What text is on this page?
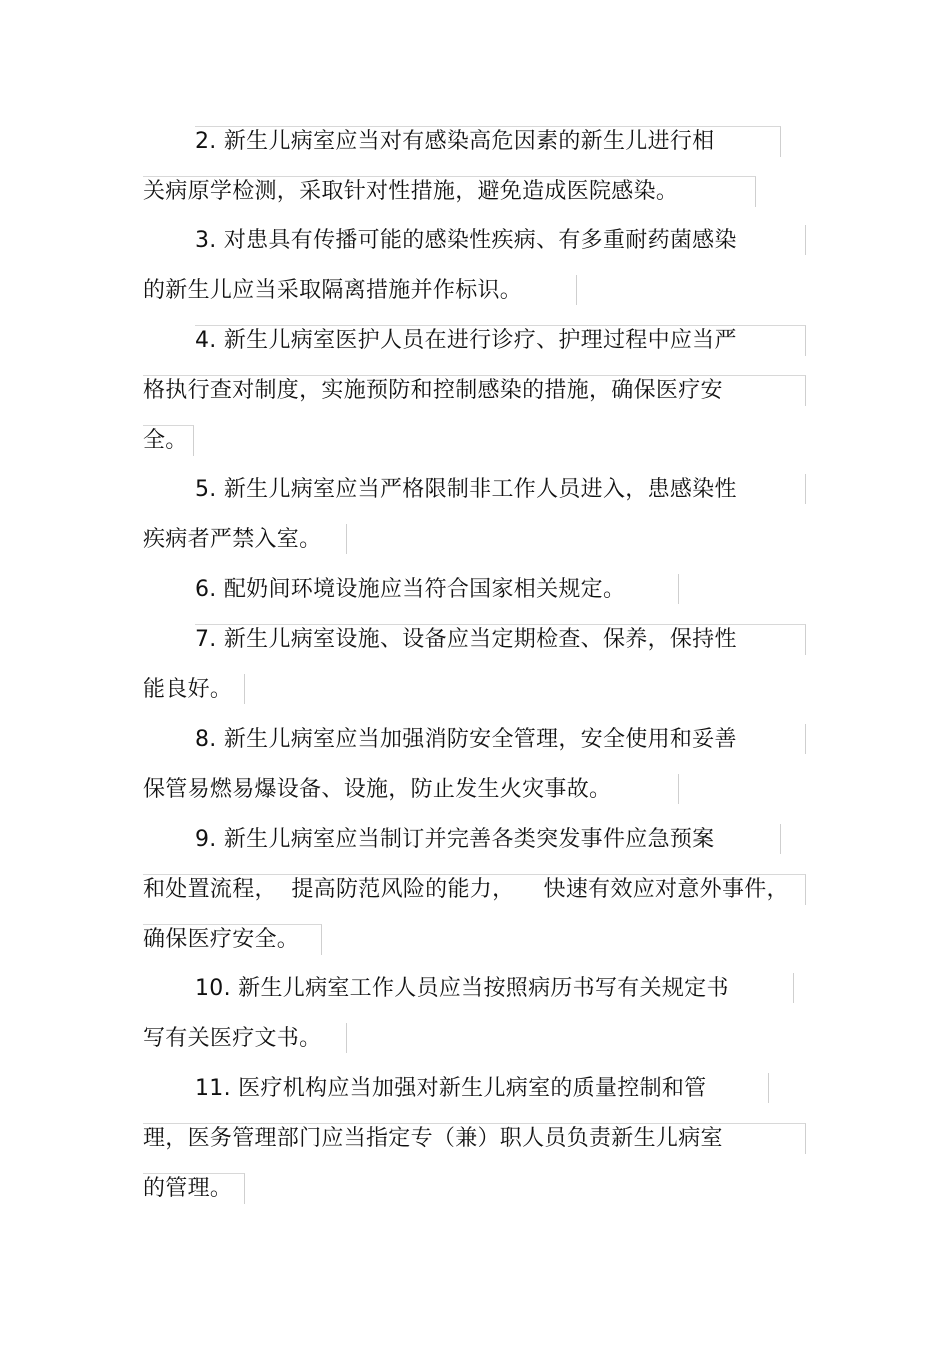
2. 新生儿病室应当对有感染高危因素的新生儿进行相
关病原学检测，采取针对性措施，避免造成医院感染。
3. 对患具有传播可能的感染性疾病、有多重耐药菌感染
的新生儿应当采取隔离措施并作标识。
4. 新生儿病室医护人员在进行诊疗、护理过程中应当严
格执行查对制度，实施预防和控制感染的措施，确保医疗安
全。
5. 新生儿病室应当严格限制非工作人员进入，患感染性
疾病者严禁入室。
6. 配奶间环境设施应当符合国家相关规定。
7. 新生儿病室设施、设备应当定期检查、保养，保持性
能良好。
8. 新生儿病室应当加强消防安全管理，安全使用和妥善
保管易燃易爆设备、设施，防止发生火灾事故。
9. 新生儿病室应当制订并完善各类突发事件应急预案
和处置流程，  提高防范风险的能力，    快速有效应对意外事件，
确保医疗安全。
10. 新生儿病室工作人员应当按照病历书写有关规定书
写有关医疗文书。
11. 医疗机构应当加强对新生儿病室的质量控制和管
理，医务管理部门应当指定专（兼）职人员负责新生儿病室
的管理。
